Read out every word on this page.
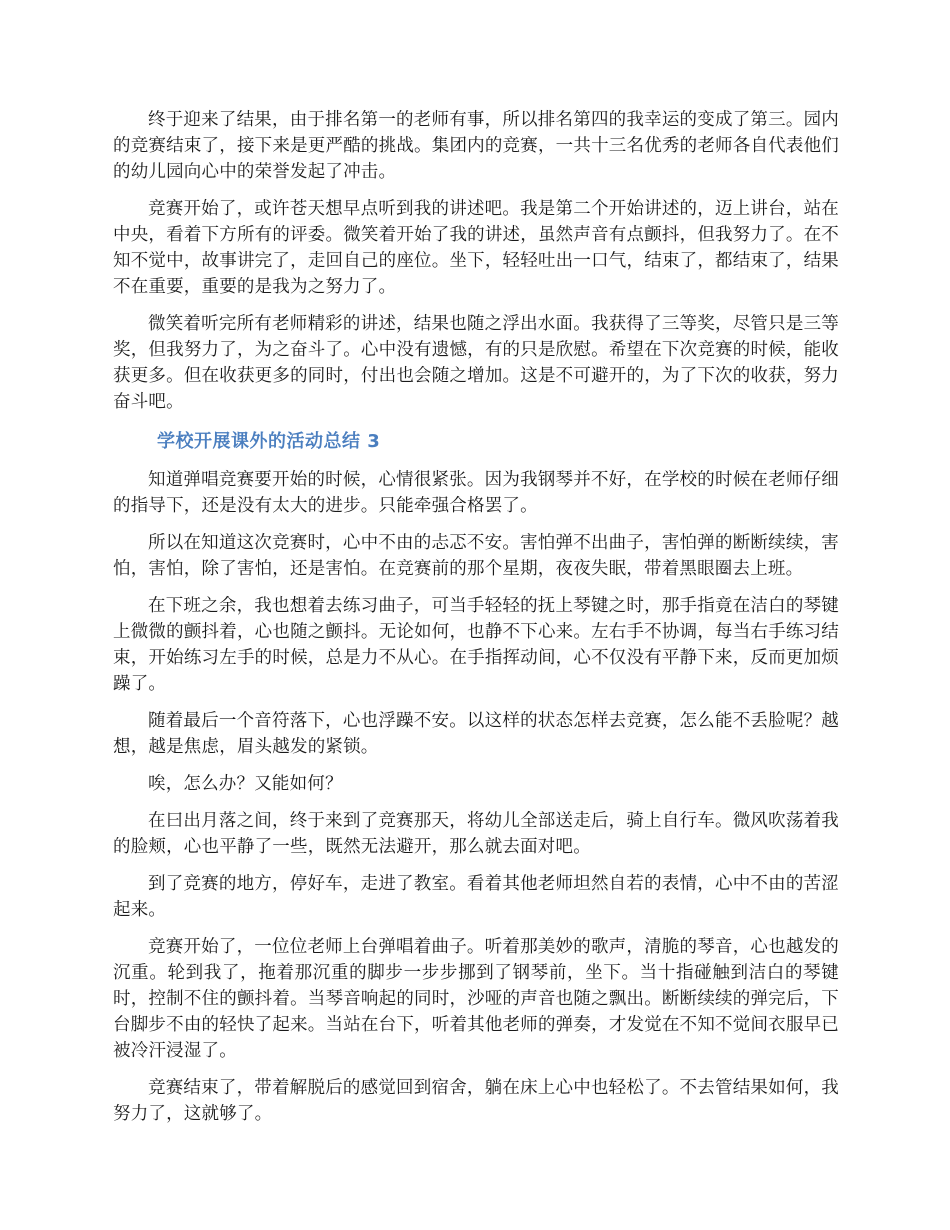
终于迎来了结果，由于排名第一的老师有事，所以排名第四的我幸运的变成了第三。园内的竞赛结束了，接下来是更严酷的挑战。集团内的竞赛，一共十三名优秀的老师各自代表他们的幼儿园向心中的荣誉发起了冲击。

竞赛开始了，或许苍天想早点听到我的讲述吧。我是第二个开始讲述的，迈上讲台，站在中央，看着下方所有的评委。微笑着开始了我的讲述，虽然声音有点颤抖，但我努力了。在不知不觉中，故事讲完了，走回自己的座位。坐下，轻轻吐出一口气，结束了，都结束了，结果不在重要，重要的是我为之努力了。

微笑着听完所有老师精彩的讲述，结果也随之浮出水面。我获得了三等奖，尽管只是三等奖，但我努力了，为之奋斗了。心中没有遗憾，有的只是欣慰。希望在下次竞赛的时候，能收获更多。但在收获更多的同时，付出也会随之增加。这是不可避开的，为了下次的收获，努力奋斗吧。

学校开展课外的活动总结 3

知道弹唱竞赛要开始的时候，心情很紧张。因为我钢琴并不好，在学校的时候在老师仔细的指导下，还是没有太大的进步。只能牵强合格罢了。

所以在知道这次竞赛时，心中不由的忐忑不安。害怕弹不出曲子，害怕弹的断断续续，害怕，害怕，除了害怕，还是害怕。在竞赛前的那个星期，夜夜失眠，带着黑眼圈去上班。

在下班之余，我也想着去练习曲子，可当手轻轻的抚上琴键之时，那手指竟在洁白的琴键上微微的颤抖着，心也随之颤抖。无论如何，也静不下心来。左右手不协调，每当右手练习结束，开始练习左手的时候，总是力不从心。在手指挥动间，心不仅没有平静下来，反而更加烦躁了。

随着最后一个音符落下，心也浮躁不安。以这样的状态怎样去竞赛，怎么能不丢脸呢？越想，越是焦虑，眉头越发的紧锁。

唉，怎么办？又能如何？

在曰出月落之间，终于来到了竞赛那天，将幼儿全部送走后，骑上自行车。微风吹荡着我的脸颊，心也平静了一些，既然无法避开，那么就去面对吧。

到了竞赛的地方，停好车，走进了教室。看着其他老师坦然自若的表情，心中不由的苦涩起来。

竞赛开始了，一位位老师上台弹唱着曲子。听着那美妙的歌声，清脆的琴音，心也越发的沉重。轮到我了，拖着那沉重的脚步一步步挪到了钢琴前，坐下。当十指碰触到洁白的琴键时，控制不住的颤抖着。当琴音响起的同时，沙哑的声音也随之飘出。断断续续的弹完后，下台脚步不由的轻快了起来。当站在台下，听着其他老师的弹奏，才发觉在不知不觉间衣服早已被冷汗浸湿了。

竞赛结束了，带着解脱后的感觉回到宿舍，躺在床上心中也轻松了。不去管结果如何，我努力了，这就够了。
